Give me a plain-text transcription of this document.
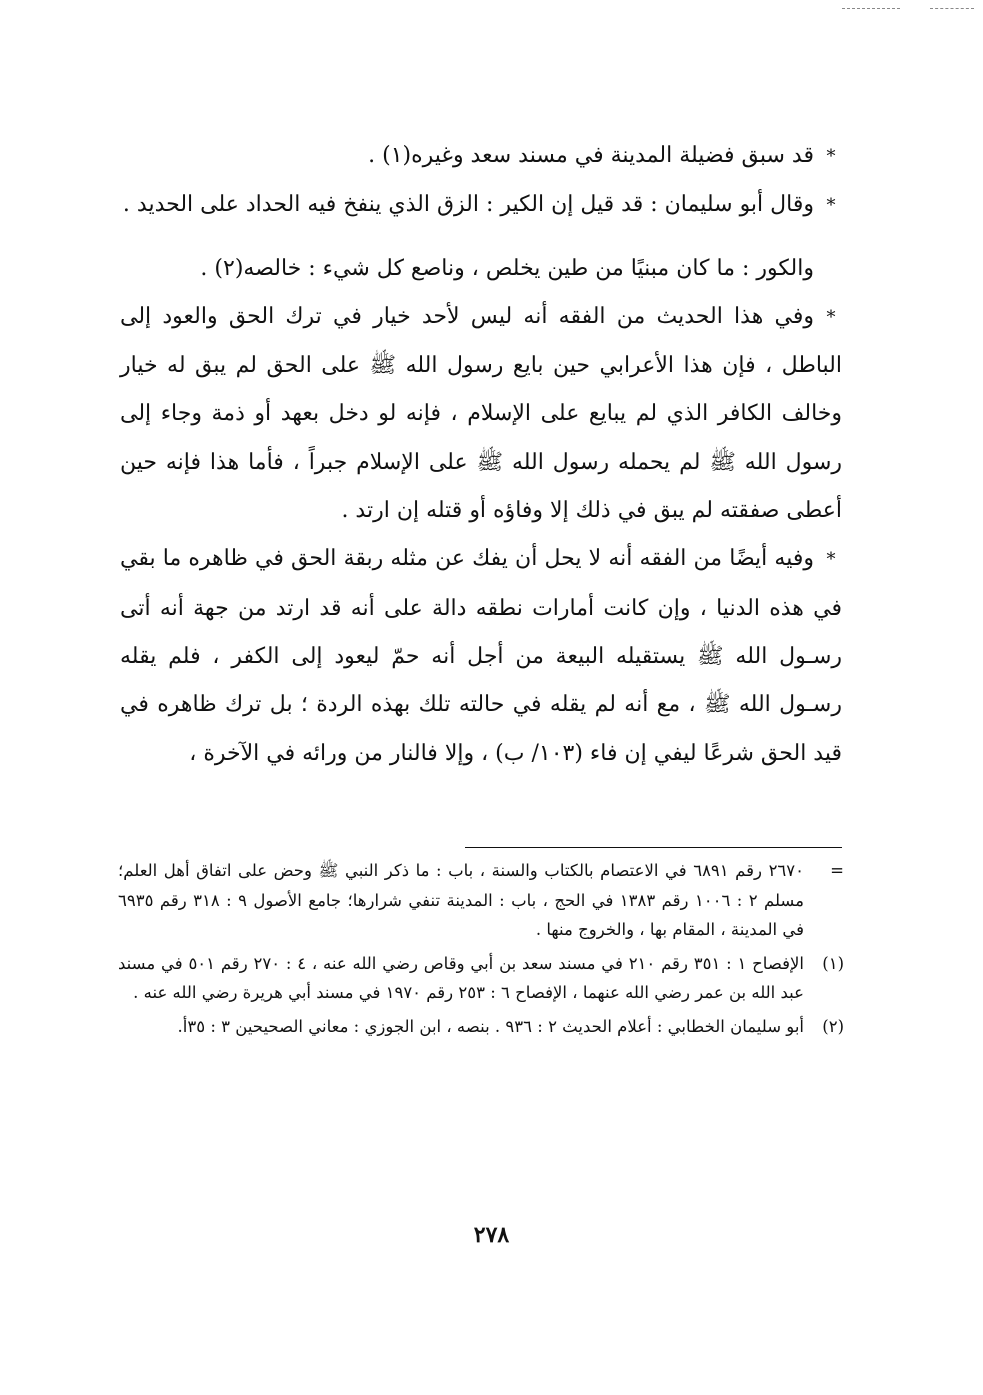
*قد سبق فضيلة المدينة في مسند سعد وغيره(١) .

*وقال أبو سليمان : قد قيل إن الكير : الزق الذي ينفخ فيه الحداد على الحديد .

والكور : ما كان مبنيًا من طين يخلص ، وناصع كل شيء : خالصه(٢) .

*وفي هذا الحديث من الفقه أنه ليس لأحد خيار في ترك الحق والعود إلى الباطل ، فإن هذا الأعرابي حين بايع رسول الله ﷺ على الحق لم يبق له خيار وخالف الكافر الذي لم يبايع على الإسلام ، فإنه لو دخل بعهد أو ذمة وجاء إلى رسول الله ﷺ لم يحمله رسول الله ﷺ على الإسلام جبراً ، فأما هذا فإنه حين أعطى صفقته لم يبق في ذلك إلا وفاؤه أو قتله إن ارتد .

*وفيه أيضًا من الفقه أنه لا يحل أن يفك عن مثله ربقة الحق في ظاهره ما بقي في هذه الدنيا ، وإن كانت أمارات نطقه دالة على أنه قد ارتد من جهة أنه أتى رسـول الله ﷺ يستقيله البيعة من أجل أنه حمّ ليعود إلى الكفر ، فلم يقله رسـول الله ﷺ ، مع أنه لم يقله في حالته تلك بهذه الردة ؛ بل ترك ظاهره في قيد الحق شرعًا ليفي إن فاء (١٠٣/ ب) ، وإلا فالنار من ورائه في الآخرة ،

=
٢٦٧٠ رقم ٦٨٩١ في الاعتصام بالكتاب والسنة ، باب : ما ذكر النبي ﷺ وحض على اتفاق أهل العلم؛ مسلم ٢ : ١٠٠٦ رقم ١٣٨٣ في الحج ، باب : المدينة تنفي شرارها؛ جامع الأصول ٩ : ٣١٨ رقم ٦٩٣٥ في المدينة ، المقام بها ، والخروج منها .
(١)
الإفصاح ١ : ٣٥١ رقم ٢١٠ في مسند سعد بن أبي وقاص رضي الله عنه ، ٤ : ٢٧٠ رقم ٥٠١ في مسند عبد الله بن عمر رضي الله عنهما ، الإفصاح ٦ : ٢٥٣ رقم ١٩٧٠ في مسند أبي هريرة رضي الله عنه .
(٢)
أبو سليمان الخطابي : أعلام الحديث ٢ : ٩٣٦ . بنصه ، ابن الجوزي : معاني الصحيحين ٣ : ٣٥أ.
٢٧٨
